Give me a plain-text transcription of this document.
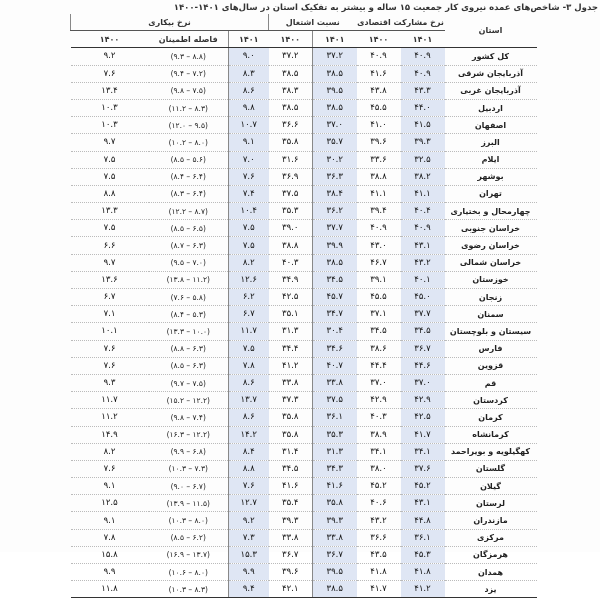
جدول ۳- شاخص‌های عمده نیروی کار جمعیت ۱۵ ساله و بیشتر به تفکیک استان در سال‌های ۱۴۰۱-۱۴۰۰
استان	نرخ مشارکت اقتصادی		نسبت اشتغال		نرخ بیکاری		
	۱۴۰۱	۱۴۰۰	۱۴۰۱	۱۴۰۰	۱۴۰۱	فاصله اطمینان	۱۴۰۰
کل کشور	۴۰.۹	۴۰.۹	۳۷.۲	۳۷.۲	۹.۰	(۸.۸ – ۹.۳)	۹.۲
آذربایجان شرقی	۴۰.۹	۴۱.۶	۳۸.۵	۳۸.۵	۸.۳	(۷.۲ – ۹.۴)	۷.۶
آذربایجان غربی	۴۳.۳	۴۳.۸	۳۹.۵	۳۸.۳	۸.۶	(۷.۵ – ۹.۸)	۱۳.۴
اردبیل	۴۴.۰	۴۵.۵	۳۸.۵	۳۸.۵	۹.۸	(۸.۳ – ۱۱.۲)	۱۰.۳
اصفهان	۴۱.۵	۴۱.۰	۳۷.۰	۳۶.۶	۱۰.۷	(۹.۵ – ۱۲.۰)	۱۰.۳
البرز	۳۹.۳	۳۹.۶	۳۵.۷	۳۵.۸	۹.۱	(۸.۰ – ۱۰.۲)	۹.۷
ایلام	۳۲.۵	۳۳.۶	۳۰.۲	۳۱.۶	۷.۰	(۵.۶ – ۸.۵)	۷.۵
بوشهر	۳۸.۲	۳۸.۸	۳۶.۳	۳۶.۹	۷.۶	(۶.۴ – ۸.۴)	۷.۵
تهران	۴۱.۱	۴۱.۱	۳۸.۴	۳۷.۵	۷.۴	(۶.۴ – ۸.۳)	۸.۸
چهارمحال و بختیاری	۴۰.۴	۳۹.۴	۳۶.۲	۳۵.۳	۱۰.۴	(۸.۷ – ۱۲.۲)	۱۳.۳
خراسان جنوبی	۴۰.۹	۴۰.۹	۳۷.۷	۳۹.۰	۷.۵	(۶.۵ – ۸.۵)	۷.۵
خراسان رضوی	۴۳.۱	۴۳.۰	۳۹.۹	۳۸.۸	۷.۵	(۶.۳ – ۸.۷)	۶.۶
خراسان شمالی	۴۳.۲	۴۶.۷	۳۸.۵	۴۰.۳	۸.۲	(۷.۰ – ۹.۵)	۹.۷
خوزستان	۴۰.۱	۳۹.۱	۳۴.۵	۳۴.۹	۱۲.۶	(۱۱.۲ – ۱۳.۸)	۱۳.۶
زنجان	۴۵.۰	۴۵.۵	۴۵.۷	۴۲.۵	۶.۲	(۵.۸ – ۷.۶)	۶.۷
سمنان	۳۷.۷	۳۷.۱	۳۴.۷	۳۵.۱	۶.۷	(۵.۳ – ۸.۴)	۷.۱
سیستان و بلوچستان	۳۴.۵	۳۴.۵	۳۰.۴	۳۱.۳	۱۱.۷	(۱۰.۰ – ۱۳.۳)	۱۰.۱
فارس	۳۶.۷	۳۸.۶	۳۴.۶	۳۴.۴	۷.۵	(۶.۳ – ۸.۸)	۷.۶
قزوین	۴۴.۶	۴۴.۴	۴۰.۷	۴۱.۲	۷.۸	(۶.۳ – ۸.۵)	۷.۶
قم	۳۷.۰	۳۷.۰	۳۳.۸	۳۳.۸	۸.۶	(۷.۵ – ۹.۷)	۹.۳
کردستان	۴۲.۹	۴۲.۹	۳۷.۵	۳۷.۳	۱۳.۷	(۱۲.۲ – ۱۵.۲)	۱۱.۷
کرمان	۴۲.۵	۴۰.۳	۳۶.۱	۳۵.۸	۸.۶	(۷.۴ – ۹.۸)	۱۱.۲
کرمانشاه	۴۱.۷	۳۸.۹	۳۵.۳	۳۵.۸	۱۴.۲	(۱۲.۲ – ۱۶.۳)	۱۴.۹
کهگیلویه و بویراحمد	۳۴.۱	۳۴.۱	۳۱.۳	۳۱.۴	۸.۴	(۶.۸ – ۹.۹)	۸.۲
گلستان	۳۷.۶	۳۸.۰	۳۴.۳	۳۴.۵	۸.۸	(۷.۳ – ۱۰.۳)	۷.۶
گیلان	۴۵.۲	۴۵.۲	۴۱.۶	۴۱.۶	۷.۶	(۶.۷ – ۹.۰)	۹.۱
لرستان	۴۳.۱	۴۰.۶	۳۵.۸	۳۵.۴	۱۲.۷	(۱۱.۵ – ۱۳.۹)	۱۲.۵
مازندران	۴۴.۸	۴۳.۲	۳۹.۳	۳۹.۳	۹.۲	(۸.۰ – ۱۰.۳)	۹.۱
مرکزی	۳۶.۱	۳۶.۶	۳۳.۸	۳۳.۸	۷.۳	(۶.۲ – ۸.۵)	۷.۸
هرمزگان	۴۵.۳	۴۳.۵	۳۶.۷	۳۶.۷	۱۵.۳	(۱۳.۷ – ۱۶.۹)	۱۵.۸
همدان	۴۱.۸	۴۱.۸	۳۹.۵	۳۹.۶	۹.۹	(۸.۰ – ۱۰.۶)	۹.۹
یزد	۴۱.۲	۴۱.۷	۳۸.۵	۴۲.۱	۹.۴	(۸.۳ – ۱۰.۳)	۱۱.۸
